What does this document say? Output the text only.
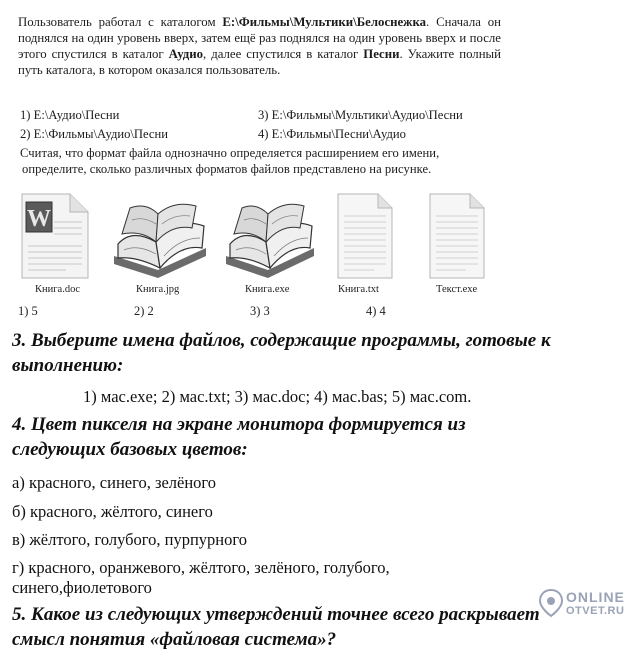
Пользователь работал с каталогом E:\Фильмы\Мультики\Белоснежка. Сначала он поднялся на один уровень вверх, затем ещё раз поднялся на один уровень вверх и после этого спустился в каталог Аудио, далее спустился в каталог Песни. Укажите полный путь каталога, в котором оказался пользователь.
1) E:\Аудио\Песни	3) E:\Фильмы\Мультики\Аудио\Песни
2) E:\Фильмы\Аудио\Песни	4) E:\Фильмы\Песни\Аудио
Считая, что формат файла однозначно определяется расширением его имени,
определите, сколько различных форматов файлов представлено на рисунке.
W
Книга.doc	Книга.jpg	Книга.exe	Книга.txt	Текст.exe
1) 5	2) 2	3) 3	4) 4
3. Выберите имена файлов, содержащие программы, готовые к
выполнению:
1) мас.exe; 2) мас.txt; 3) мас.doc; 4) мас.bas; 5) мас.com.
4. Цвет пикселя на экране монитора формируется из
следующих базовых цветов:
а) красного, синего, зелёного
б) красного, жёлтого, синего
в) жёлтого, голубого, пурпурного
г) красного, оранжевого, жёлтого, зелёного, голубого,
синего,фиолетового
5. Какое из следующих утверждений точнее всего раскрывает
смысл понятия «файловая система»?
ONLINE
OTVET.RU
